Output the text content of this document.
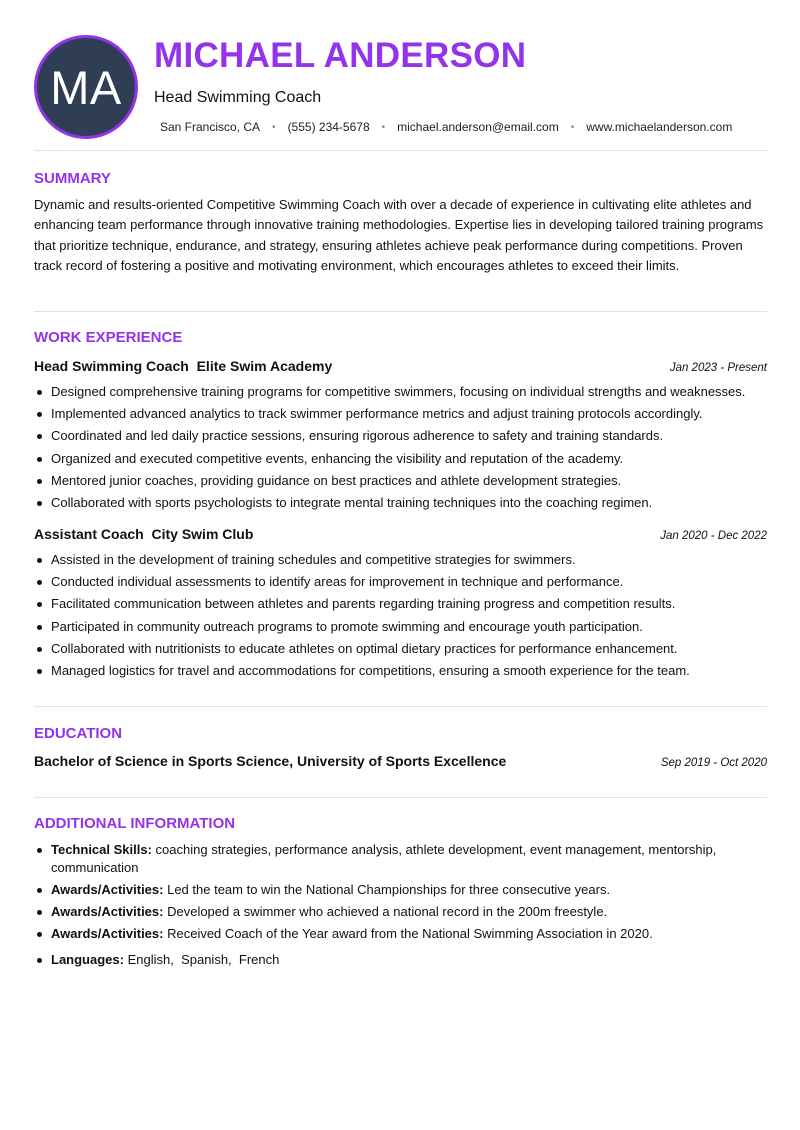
MA
MICHAEL ANDERSON
Head Swimming Coach
San Francisco, CA • (555) 234-5678 • michael.anderson@email.com • www.michaelanderson.com
SUMMARY
Dynamic and results-oriented Competitive Swimming Coach with over a decade of experience in cultivating elite athletes and enhancing team performance through innovative training methodologies. Expertise lies in developing tailored training programs that prioritize technique, endurance, and strategy, ensuring athletes achieve peak performance during competitions. Proven track record of fostering a positive and motivating environment, which encourages athletes to exceed their limits.
WORK EXPERIENCE
Head Swimming Coach Elite Swim Academy	Jan 2023 - Present
Designed comprehensive training programs for competitive swimmers, focusing on individual strengths and weaknesses.
Implemented advanced analytics to track swimmer performance metrics and adjust training protocols accordingly.
Coordinated and led daily practice sessions, ensuring rigorous adherence to safety and training standards.
Organized and executed competitive events, enhancing the visibility and reputation of the academy.
Mentored junior coaches, providing guidance on best practices and athlete development strategies.
Collaborated with sports psychologists to integrate mental training techniques into the coaching regimen.
Assistant Coach City Swim Club	Jan 2020 - Dec 2022
Assisted in the development of training schedules and competitive strategies for swimmers.
Conducted individual assessments to identify areas for improvement in technique and performance.
Facilitated communication between athletes and parents regarding training progress and competition results.
Participated in community outreach programs to promote swimming and encourage youth participation.
Collaborated with nutritionists to educate athletes on optimal dietary practices for performance enhancement.
Managed logistics for travel and accommodations for competitions, ensuring a smooth experience for the team.
EDUCATION
Bachelor of Science in Sports Science, University of Sports Excellence	Sep 2019 - Oct 2020
ADDITIONAL INFORMATION
Technical Skills: coaching strategies, performance analysis, athlete development, event management, mentorship, communication
Awards/Activities: Led the team to win the National Championships for three consecutive years.
Awards/Activities: Developed a swimmer who achieved a national record in the 200m freestyle.
Awards/Activities: Received Coach of the Year award from the National Swimming Association in 2020.
Languages: English,  Spanish,  French
